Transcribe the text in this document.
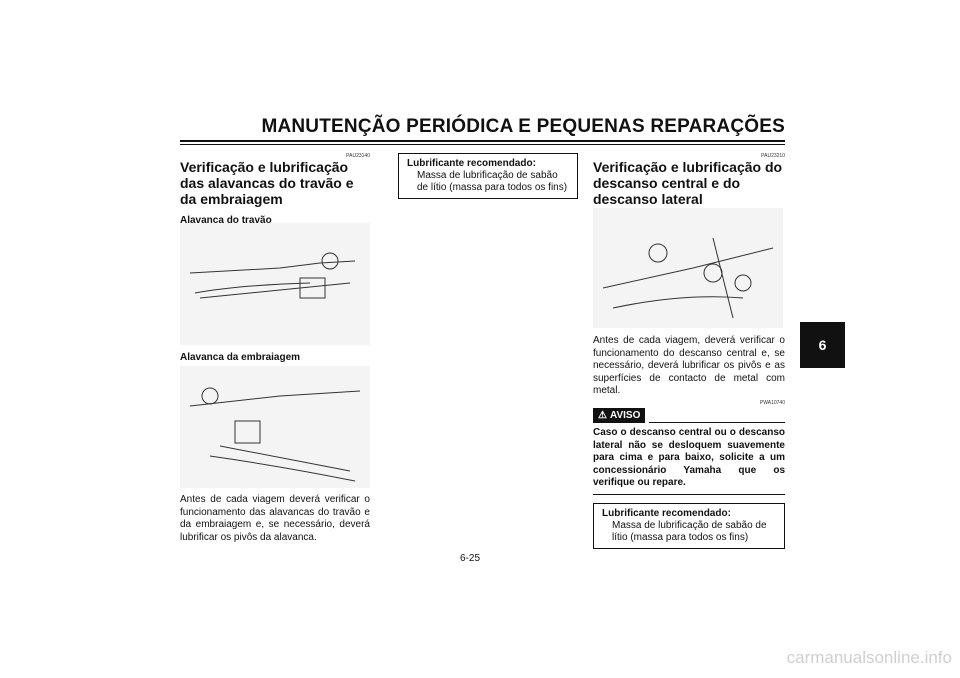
MANUTENÇÃO PERIÓDICA E PEQUENAS REPARAÇÕES
PAU23140
Verificação e lubrificação das alavancas do travão e da embraiagem
Alavanca do travão
Alavanca da embraiagem

Antes de cada viagem deverá verificar o funcionamento das alavancas do travão e da embraiagem e, se necessário, deverá lubrificar os pivôs da alavanca.

Lubrificante recomendado:
Massa de lubrificação de sabão de lítio (massa para todos os fins)
PAU23210
Verificação e lubrificação do descanso central e do descanso lateral

Antes de cada viagem, deverá verificar o funcionamento do descanso central e, se necessário, deverá lubrificar os pivôs e as superfícies de contacto de metal com metal.

PWA10740
⚠ AVISO

Caso o descanso central ou o descanso lateral não se desloquem suavemente para cima e para baixo, solicite a um concessionário Yamaha que os verifique ou repare.

Lubrificante recomendado:
Massa de lubrificação de sabão de lítio (massa para todos os fins)
6
6-25
carmanualsonline.info
